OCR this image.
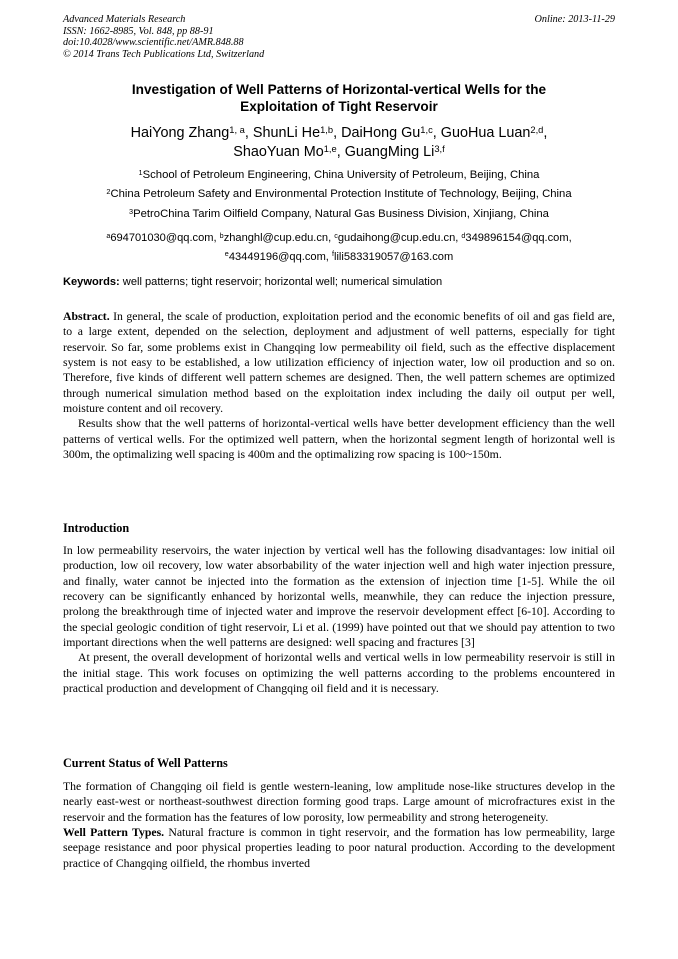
Advanced Materials Research
ISSN: 1662-8985, Vol. 848, pp 88-91
doi:10.4028/www.scientific.net/AMR.848.88
© 2014 Trans Tech Publications Ltd, Switzerland
Online: 2013-11-29
Investigation of Well Patterns of Horizontal-vertical Wells for the
Exploitation of Tight Reservoir
HaiYong Zhang$^{1, a}$, ShunLi He$^{1,b}$, DaiHong Gu$^{1,c}$, GuoHua Luan$^{2,d}$,
ShaoYuan Mo$^{1,e}$, GuangMing Li$^{3,f}$
$^1$School of Petroleum Engineering, China University of Petroleum, Beijing, China
$^2$China Petroleum Safety and Environmental Protection Institute of Technology, Beijing, China
$^3$PetroChina Tarim Oilfield Company, Natural Gas Business Division, Xinjiang, China
$^a$694701030@qq.com, $^b$zhanghl@cup.edu.cn, $^c$gudaihong@cup.edu.cn, $^d$349896154@qq.com,
$^e$43449196@qq.com, $^f$lili583319057@163.com
Keywords: well patterns; tight reservoir; horizontal well; numerical simulation

Abstract. In general, the scale of production, exploitation period and the economic benefits of oil and gas field are, to a large extent, depended on the selection, deployment and adjustment of well patterns, especially for tight reservoir. So far, some problems exist in Changqing low permeability oil field, such as the effective displacement system is not easy to be established, a low utilization efficiency of injection water, low oil production and so on. Therefore, five kinds of different well pattern schemes are designed. Then, the well pattern schemes are optimized through numerical simulation method based on the exploitation index including the daily oil output per well, moisture content and oil recovery.

Results show that the well patterns of horizontal-vertical wells have better development efficiency than the well patterns of vertical wells. For the optimized well pattern, when the horizontal segment length of horizontal well is 300m, the optimalizing well spacing is 400m and the optimalizing row spacing is 100~150m.

Introduction

In low permeability reservoirs, the water injection by vertical well has the following disadvantages: low initial oil production, low oil recovery, low water absorbability of the water injection well and high water injection pressure, and finally, water cannot be injected into the formation as the extension of injection time [1-5]. While the oil recovery can be significantly enhanced by horizontal wells, meanwhile, they can reduce the injection pressure, prolong the breakthrough time of injected water and improve the reservoir development effect [6-10]. According to the special geologic condition of tight reservoir, Li et al. (1999) have pointed out that we should pay attention to two important directions when the well patterns are designed: well spacing and fractures [3]

At present, the overall development of horizontal wells and vertical wells in low permeability reservoir is still in the initial stage. This work focuses on optimizing the well patterns according to the problems encountered in practical production and development of Changqing oil field and it is necessary.

Current Status of Well Patterns

The formation of Changqing oil field is gentle western-leaning, low amplitude nose-like structures develop in the nearly east-west or northeast-southwest direction forming good traps. Large amount of microfractures exist in the reservoir and the formation has the features of low porosity, low permeability and strong heterogeneity.

Well Pattern Types. Natural fracture is common in tight reservoir, and the formation has low permeability, large seepage resistance and poor physical properties leading to poor natural production. According to the development practice of Changqing oilfield, the rhombus inverted
